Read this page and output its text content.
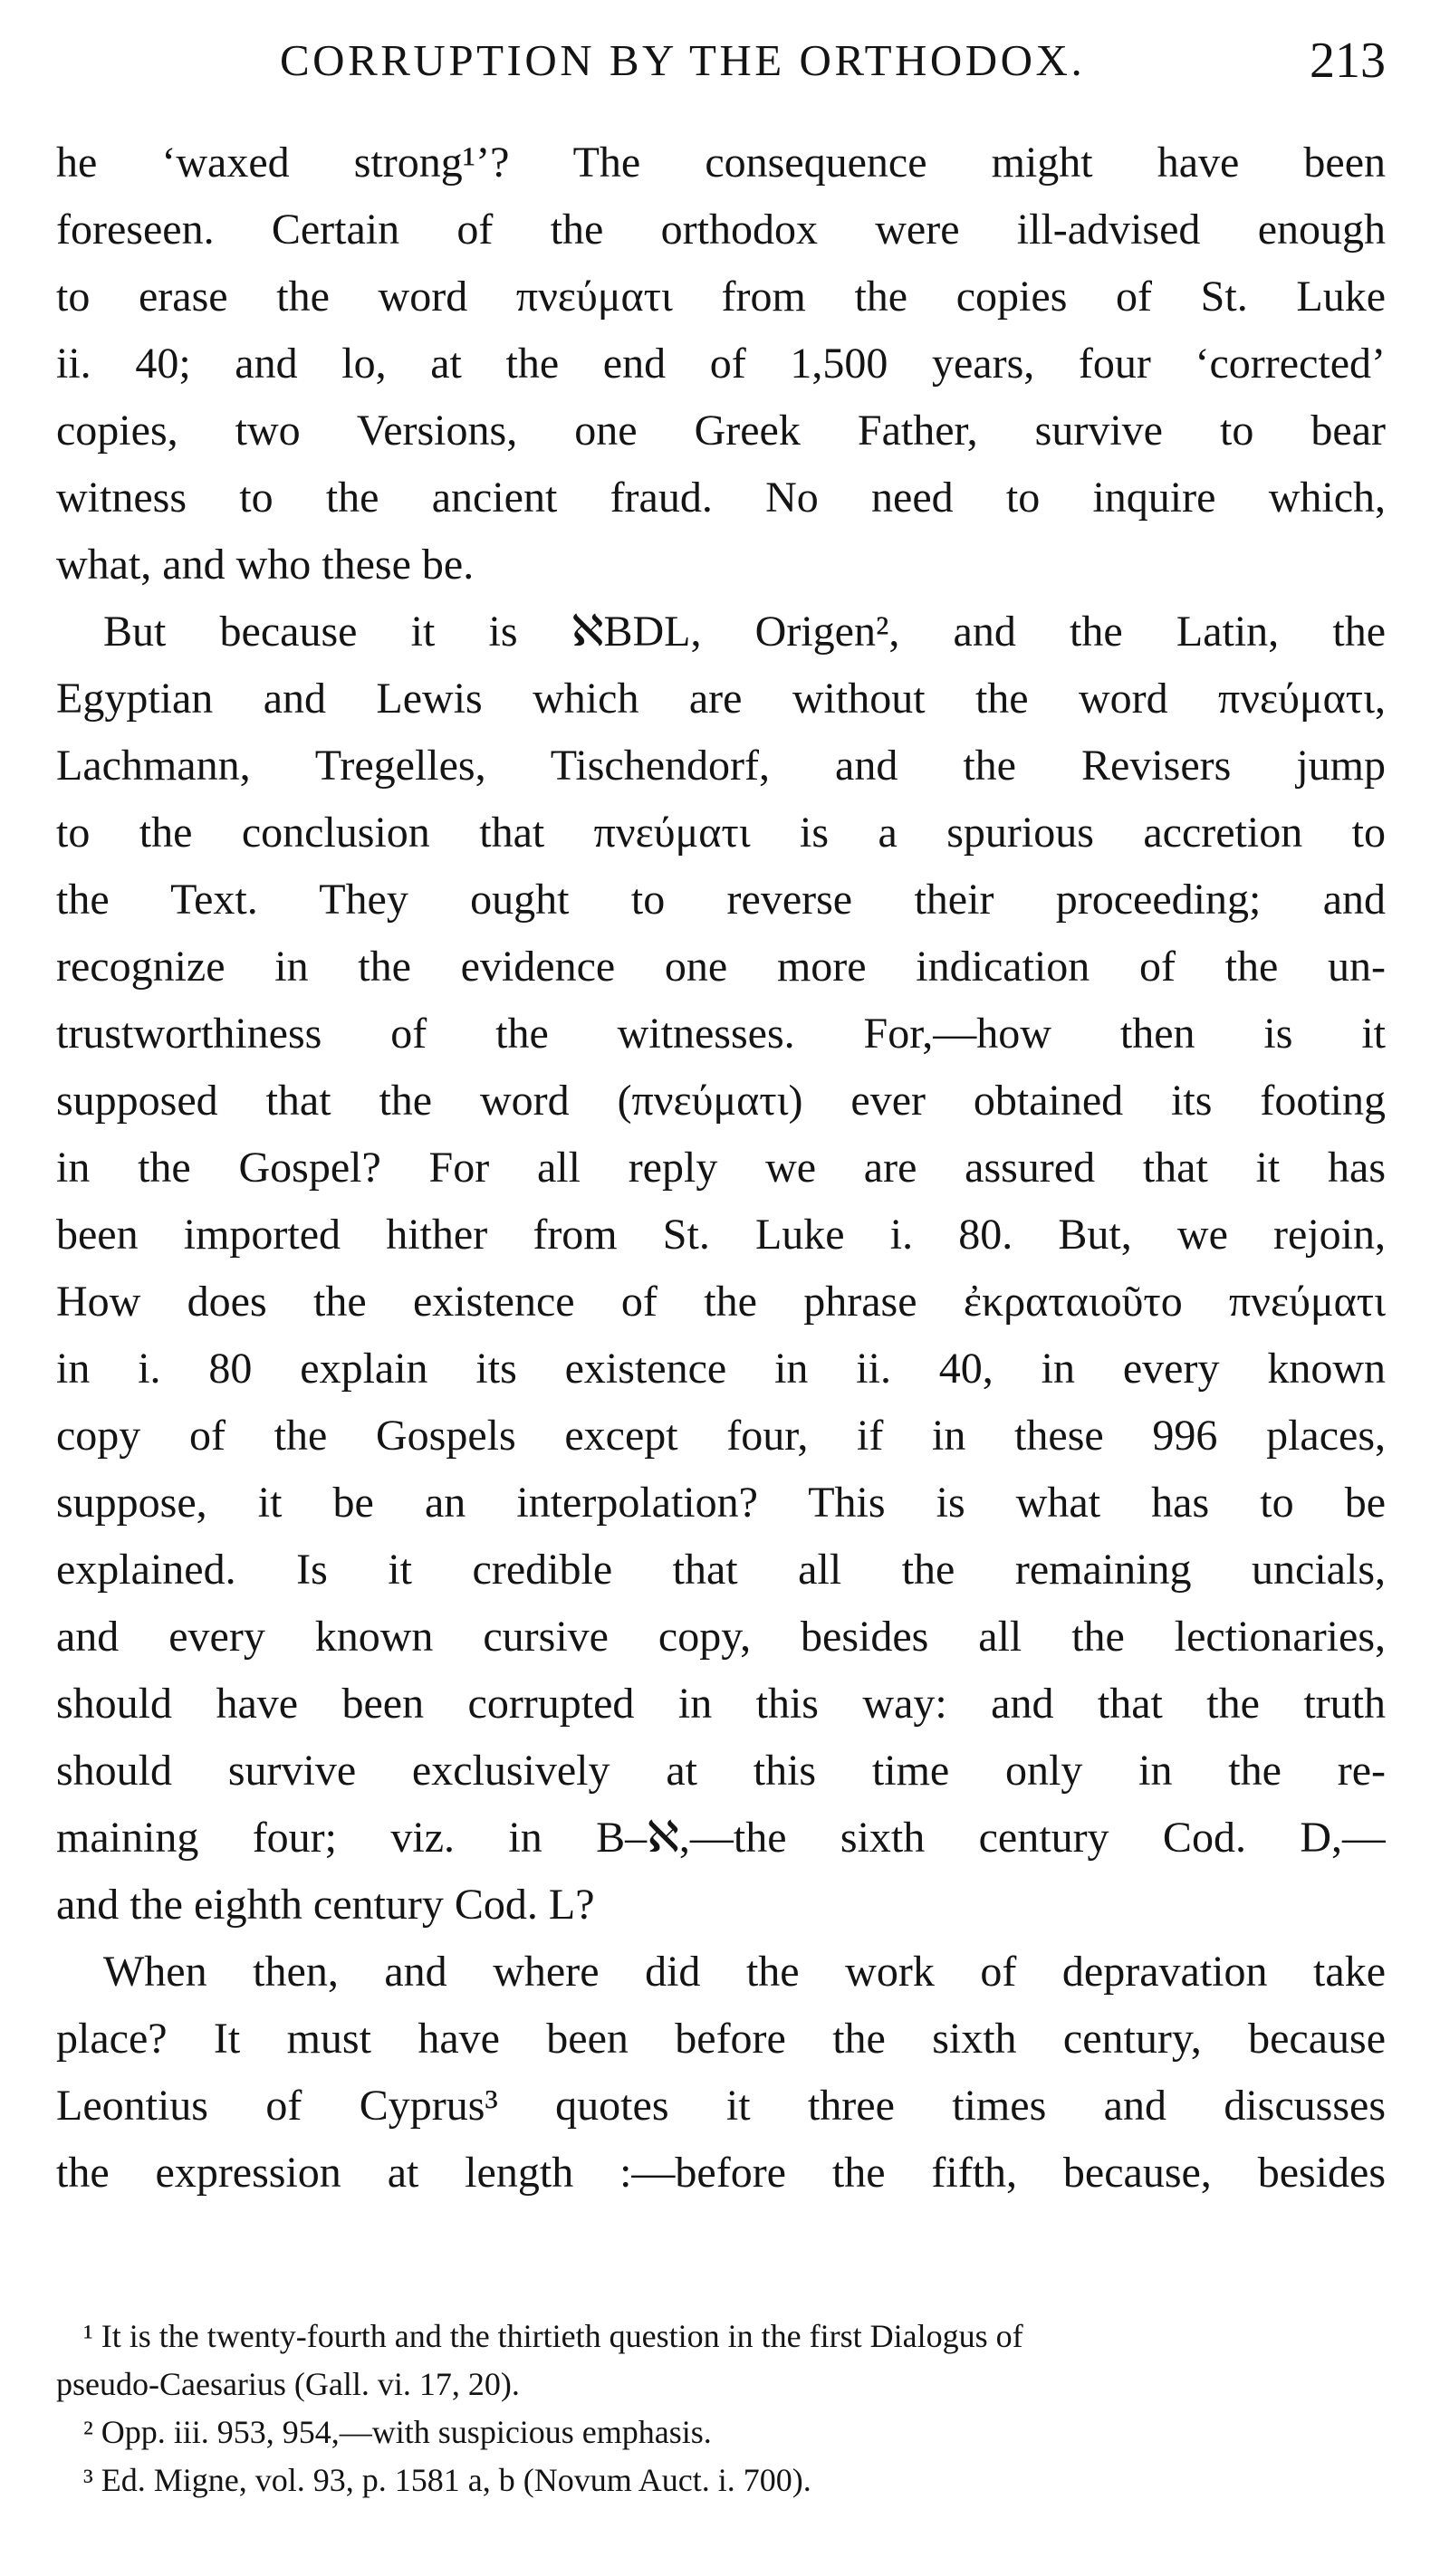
CORRUPTION BY THE ORTHODOX.	213
he ‘waxed strong¹’? The consequence might have been
foreseen. Certain of the orthodox were ill-advised enough
to erase the word πνεύματι from the copies of St. Luke
ii. 40; and lo, at the end of 1,500 years, four ‘corrected’
copies, two Versions, one Greek Father, survive to bear
witness to the ancient fraud. No need to inquire which,
what, and who these be.
But because it is ℵBDL, Origen², and the Latin, the
Egyptian and Lewis which are without the word πνεύματι,
Lachmann, Tregelles, Tischendorf, and the Revisers jump
to the conclusion that πνεύματι is a spurious accretion to
the Text. They ought to reverse their proceeding; and
recognize in the evidence one more indication of the un-
trustworthiness of the witnesses. For,—how then is it
supposed that the word (πνεύματι) ever obtained its footing
in the Gospel? For all reply we are assured that it has
been imported hither from St. Luke i. 80. But, we rejoin,
How does the existence of the phrase ἐκραταιοῦτο πνεύματι
in i. 80 explain its existence in ii. 40, in every known
copy of the Gospels except four, if in these 996 places,
suppose, it be an interpolation? This is what has to be
explained. Is it credible that all the remaining uncials,
and every known cursive copy, besides all the lectionaries,
should have been corrupted in this way: and that the truth
should survive exclusively at this time only in the re-
maining four; viz. in B–ℵ,—the sixth century Cod. D,—
and the eighth century Cod. L?
When then, and where did the work of depravation take
place? It must have been before the sixth century, because
Leontius of Cyprus³ quotes it three times and discusses
the expression at length :—before the fifth, because, besides
¹ It is the twenty-fourth and the thirtieth question in the first Dialogus of
pseudo-Caesarius (Gall. vi. 17, 20).
² Opp. iii. 953, 954,—with suspicious emphasis.
³ Ed. Migne, vol. 93, p. 1581 a, b (Novum Auct. i. 700).
